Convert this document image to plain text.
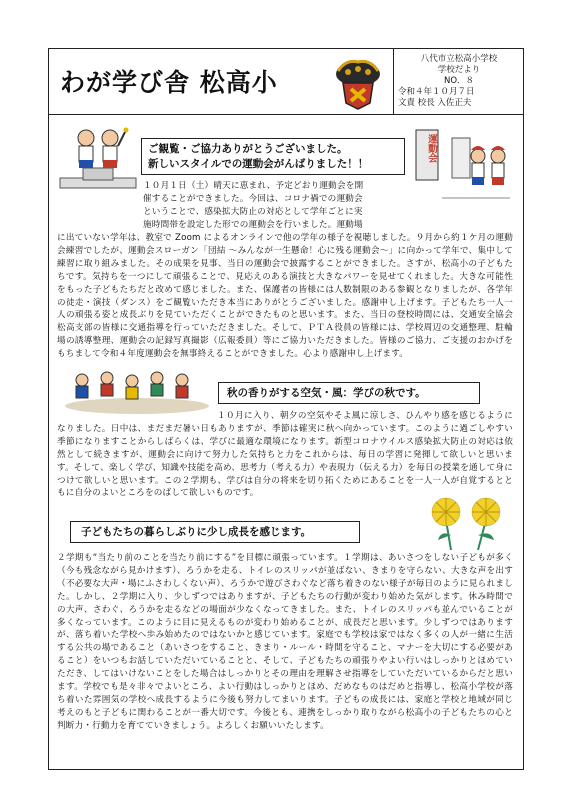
わが学び舎 松高小
八代市立松高小学校
学校だより
NO．８
令和４年１０月７日
文責 校長 入佐正夫
ご観覧・ご協力ありがとうございました。
新しいスタイルでの運動会がんばりました！！
運動会
１０月１日（土）晴天に恵まれ、予定どおり運動会を開
催することができました。今回は、コロナ禍での運動会
ということで、感染拡大防止の対応として学年ごとに実
施時間帯を設定した形での運動会を行いました。運動場
に出ていない学年は、教室で Zoom によるオンラインで他の学年の様子を視聴しました。９月から約１ケ月の運動会練習でしたが、運動会スローガン「団結 ～みんなが一生懸命！心に残る運動会～」に向かって学年で、集中して練習に取り組みました。その成果を見事、当日の運動会で披露することができました。さすが、松高小の子どもたちです。気持ちを一つにして頑張ることで、見応えのある演技と大きなパワーを見せてくれました。大きな可能性をもった子どもたちだと改めて感じました。また、保護者の皆様には人数制限のある参観となりましたが、各学年の徒走・演技（ダンス）をご観覧いただき本当にありがとうございました。感謝申し上げます。子どもたち一人一人の頑張る姿と成長ぶりを見ていただくことができたものと思います。また、当日の登校時間には、交通安全協会松高支部の皆様に交通指導を行っていただきました。そして、ＰＴＡ役員の皆様には、学校周辺の交通整理、駐輪場の誘導整理、運動会の記録写真撮影（広報委員）等にご協力いただきました。皆様のご協力、ご支援のおかげをもちまして令和４年度運動会を無事終えることができました。心より感謝申し上げます。
秋の香りがする空気・風：学びの秋です。
１０月に入り、朝夕の空気やそよ風に涼しさ、ひんやり感を感じるようになりました。日中は、まだまだ暑い日もありますが、季節は確実に秋へ向かっています。このように過ごしやすい季節になりますことからしばらくは、学びに最適な環境になります。新型コロナウイルス感染拡大防止の対応は依然として続きますが、運動会に向けて努力した気持ちと力をこれからは、毎日の学習に発揮して欲しいと思います。そして、楽しく学び、知識や技能を高め、思考力（考える力）や表現力（伝える力）を毎日の授業を通して身につけて欲しいと思います。この２学期も、学びは自分の将来を切り拓くためにあることを一人一人が自覚するとともに自分のよいところをのばして欲しいものです。
子どもたちの暮らしぶりに少し成長を感じます。
２学期も“当たり前のことを当たり前にする”を目標に頑張っています。１学期は、あいさつをしない子どもが多く（今も残念ながら見かけます）、ろうかを走る、トイレのスリッパが並ばない、きまりを守らない、大きな声を出す（不必要な大声・場にふさわしくない声）、ろうかで遊びさわぐなど落ち着きのない様子が毎日のように見られました。しかし、２学期に入り、少しずつではありますが、子どもたちの行動が変わり始めた気がします。休み時間での大声、さわぐ、ろうかを走るなどの場面が少なくなってきました。また、トイレのスリッパも並んでいることが多くなっています。このように目に見えるものが変わり始めることが、成長だと思います。少しずつではありますが、落ち着いた学校へ歩み始めたのではないかと感じています。家庭でも学校は家ではなく多くの人が一緒に生活する公共の場であること（あいさつをすること、きまり・ルール・時間を守ること、マナーを大切にする必要があること）をいつもお話していただいていることと、そして、子どもたちの頑張りやよい行いはしっかりとほめていただき、してはいけないことをした場合はしっかりとその理由を理解させ指導をしていただいているからだと思います。学校でも是々非々でよいところ、よい行動はしっかりとほめ、だめなものはだめと指導し、松高小学校が落ち着いた雰囲気の学校へ成長するように今後も努力してまいります。子どもの成長には、家庭と学校と地域が同じ考えのもと子どもに関わることが一番大切です。今後とも、連携をしっかり取りながら松高小の子どもたちの心と判断力・行動力を育てていきましょう。よろしくお願いいたします。
